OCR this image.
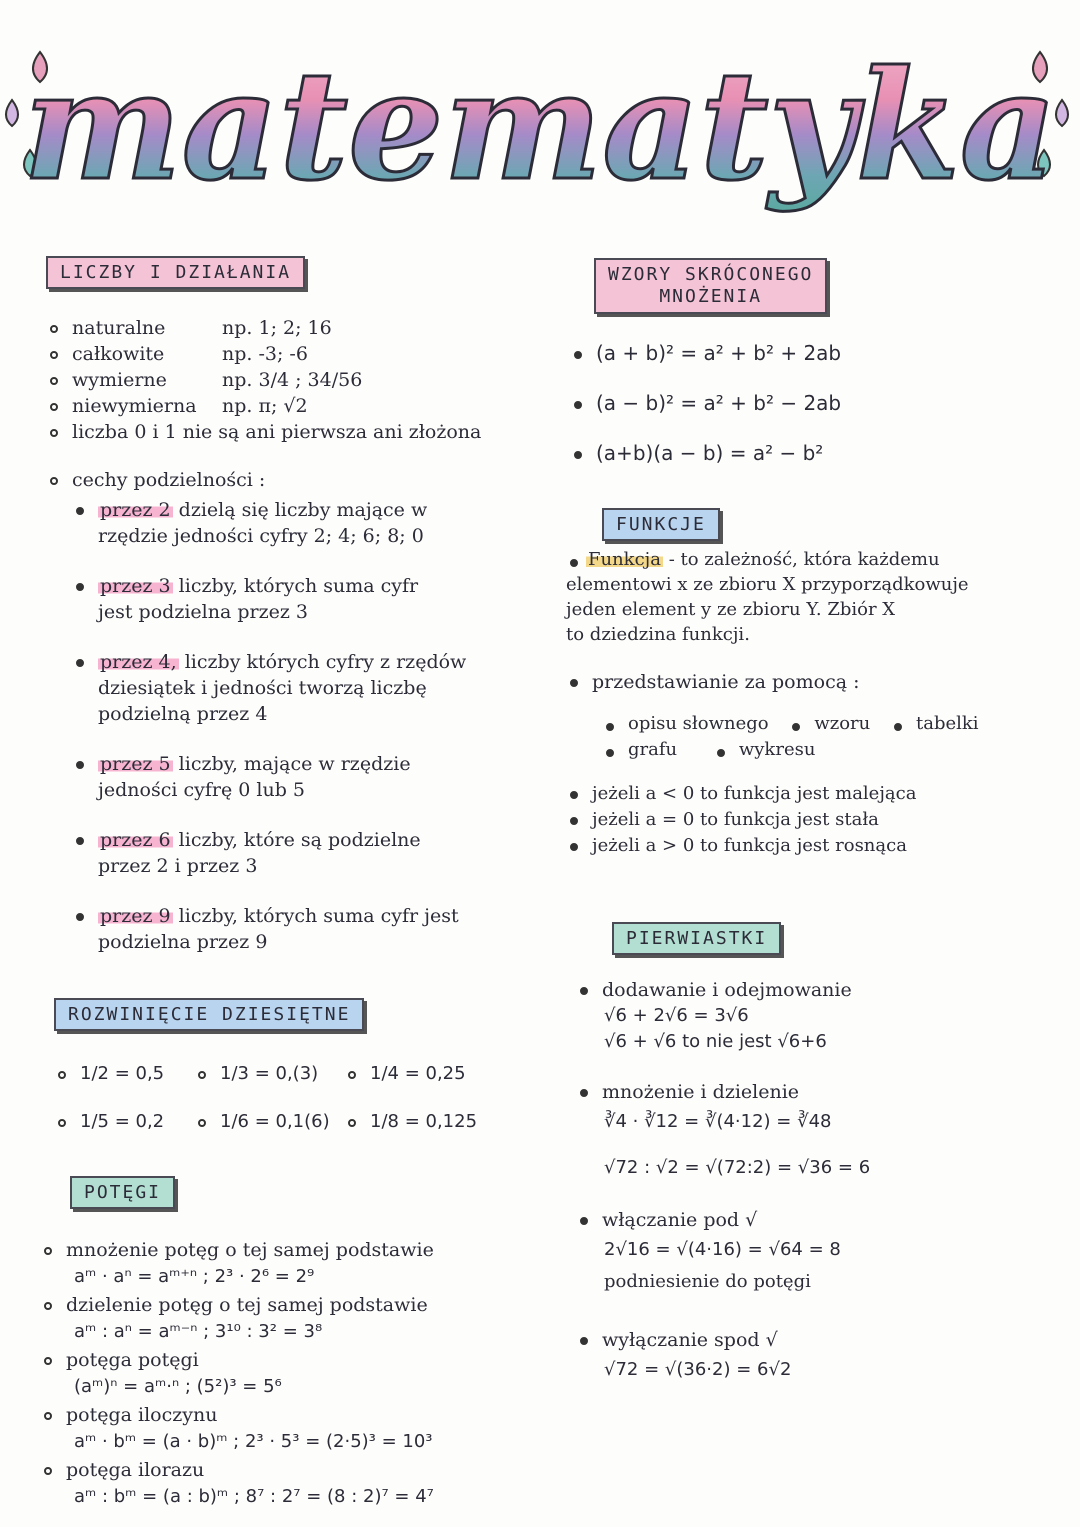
matematyka
LICZBY I DZIAŁANIA
naturalne	np. 1; 2; 16
całkowite	np. -3; -6
wymierne	np. 3/4 ; 34/56
niewymierna np. π; √2
liczba 0 i 1 nie są ani pierwsza ani złożona
cechy podzielności :
przez 2 dzielą się liczby mające w
rzędzie jedności cyfry 2; 4; 6; 8; 0
przez 3 liczby, których suma cyfr
jest podzielna przez 3
przez 4, liczby których cyfry z rzędów
dziesiątek i jedności tworzą liczbę
podzielną przez 4
przez 5 liczby, mające w rzędzie
jedności cyfrę 0 lub 5
przez 6 liczby, które są podzielne
przez 2 i przez 3
przez 9 liczby, których suma cyfr jest
podzielna przez 9
ROZWINIĘCIE DZIESIĘTNE
1/2 = 0,5	1/3 = 0,(3)	1/4 = 0,25
1/5 = 0,2	1/6 = 0,1(6)	1/8 = 0,125
POTĘGI
mnożenie potęg o tej samej podstawie
aᵐ · aⁿ = aᵐ⁺ⁿ ; 2³ · 2⁶ = 2⁹
dzielenie potęg o tej samej podstawie
aᵐ : aⁿ = aᵐ⁻ⁿ ; 3¹⁰ : 3² = 3⁸
potęga potęgi
(aᵐ)ⁿ = aᵐ·ⁿ ; (5²)³ = 5⁶
potęga iloczynu
aᵐ · bᵐ = (a · b)ᵐ ; 2³ · 5³ = (2·5)³ = 10³
potęga ilorazu
aᵐ : bᵐ = (a : b)ᵐ ; 8⁷ : 2⁷ = (8 : 2)⁷ = 4⁷
WZORY SKRÓCONEGO
MNOŻENIA
(a + b)² = a² + b² + 2ab
(a − b)² = a² + b² − 2ab
(a+b)(a − b) = a² − b²
FUNKCJE
Funkcja - to zależność, która każdemu
elementowi x ze zbioru X przyporządkowuje
jeden element y ze zbioru Y. Zbiór X
to dziedzina funkcji.
przedstawianie za pomocą :
opisu słownego	wzoru	tabelki
grafu	wykresu
jeżeli a < 0 to funkcja jest malejąca
jeżeli a = 0 to funkcja jest stała
jeżeli a > 0 to funkcja jest rosnąca
PIERWIASTKI
dodawanie i odejmowanie
√6 + 2√6 = 3√6
√6 + √6 to nie jest √6+6
mnożenie i dzielenie
∛4 · ∛12 = ∛(4·12) = ∛48
√72 : √2 = √(72:2) = √36 = 6
włączanie pod √
2√16 = √(4·16) = √64 = 8
podniesienie do potęgi
wyłączanie spod √
√72 = √(36·2) = 6√2
